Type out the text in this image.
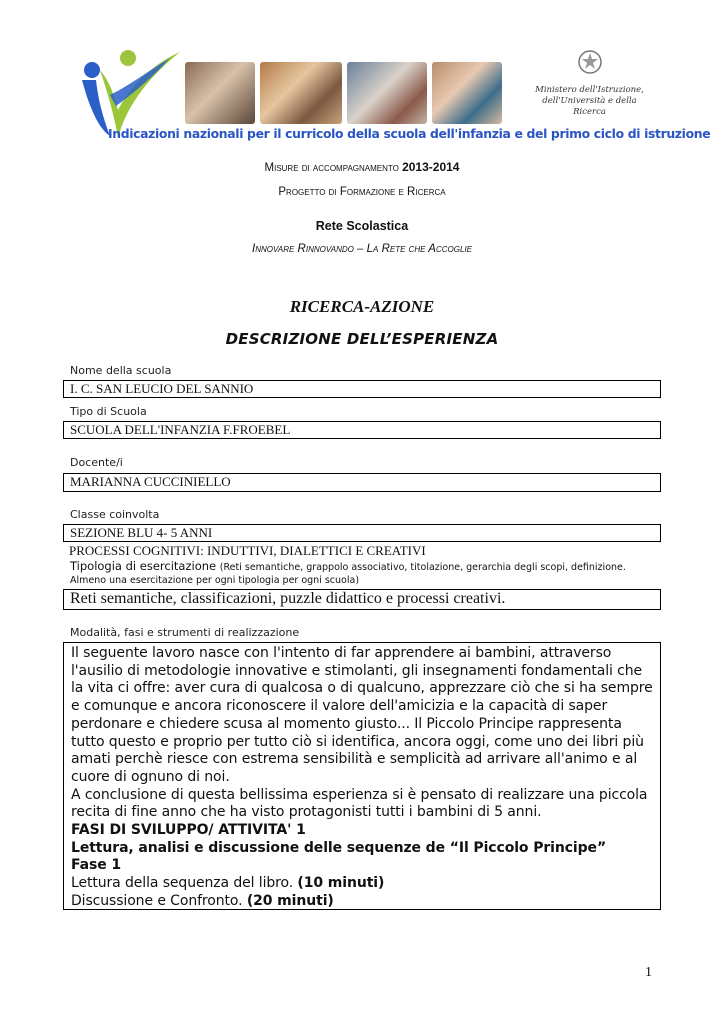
Ministero dell'Istruzione,
dell'Università e della Ricerca
Indicazioni nazionali per il curricolo della scuola dell'infanzia e del primo ciclo di istruzione
Misure di accompagnamento 2013-2014
Progetto di Formazione e Ricerca
Rete Scolastica
Innovare Rinnovando – La Rete che Accoglie
RICERCA-AZIONE
DESCRIZIONE DELL’ESPERIENZA
Nome della scuola
I. C. SAN LEUCIO DEL SANNIO
Tipo di Scuola
SCUOLA DELL'INFANZIA F.FROEBEL
Docente/i
MARIANNA CUCCINIELLO
Classe coinvolta
SEZIONE BLU 4- 5 ANNI
PROCESSI COGNITIVI: INDUTTIVI, DIALETTICI E CREATIVI
Tipologia di esercitazione (Reti semantiche, grappolo associativo, titolazione, gerarchia degli scopi, definizione.
Almeno una esercitazione per ogni tipologia per ogni scuola)
Reti semantiche, classificazioni, puzzle didattico e processi creativi.
Modalità, fasi e strumenti di realizzazione

Il seguente lavoro nasce con l'intento di far apprendere ai bambini, attraverso l'ausilio di metodologie innovative e stimolanti, gli insegnamenti fondamentali che la vita ci offre: aver cura di qualcosa o di qualcuno, apprezzare ciò che si ha sempre e comunque e ancora riconoscere il valore dell'amicizia e la capacità di saper perdonare e chiedere scusa al momento giusto... Il Piccolo Principe rappresenta tutto questo e proprio per tutto ciò si identifica, ancora oggi, come uno dei libri più amati perchè riesce con estrema sensibilità e semplicità ad arrivare all'animo e al cuore di ognuno di noi.

A conclusione di questa bellissima esperienza si è pensato di realizzare una piccola recita di fine anno che ha visto protagonisti tutti i bambini di 5 anni.

FASI DI SVILUPPO/ ATTIVITA' 1

Lettura, analisi e discussione delle sequenze de “Il Piccolo Principe”

Fase 1

Lettura della sequenza del libro. (10 minuti)

Discussione e Confronto. (20 minuti)

1
